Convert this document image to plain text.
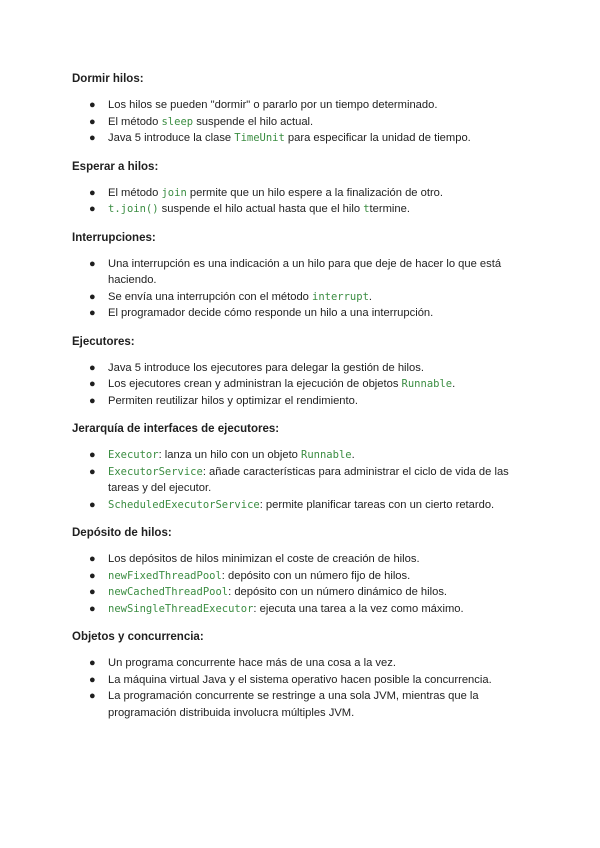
Dormir hilos:
● Los hilos se pueden "dormir" o pararlo por un tiempo determinado.
● El método sleep suspende el hilo actual.
● Java 5 introduce la clase TimeUnit para especificar la unidad de tiempo.
Esperar a hilos:
● El método join permite que un hilo espere a la finalización de otro.
● t.join() suspende el hilo actual hasta que el hilo ttermine.
Interrupciones:
● Una interrupción es una indicación a un hilo para que deje de hacer lo que está haciendo.
● Se envía una interrupción con el método interrupt.
● El programador decide cómo responde un hilo a una interrupción.
Ejecutores:
● Java 5 introduce los ejecutores para delegar la gestión de hilos.
● Los ejecutores crean y administran la ejecución de objetos Runnable.
● Permiten reutilizar hilos y optimizar el rendimiento.
Jerarquía de interfaces de ejecutores:
● Executor: lanza un hilo con un objeto Runnable.
● ExecutorService: añade características para administrar el ciclo de vida de las tareas y del ejecutor.
● ScheduledExecutorService: permite planificar tareas con un cierto retardo.
Depósito de hilos:
● Los depósitos de hilos minimizan el coste de creación de hilos.
● newFixedThreadPool: depósito con un número fijo de hilos.
● newCachedThreadPool: depósito con un número dinámico de hilos.
● newSingleThreadExecutor: ejecuta una tarea a la vez como máximo.
Objetos y concurrencia:
● Un programa concurrente hace más de una cosa a la vez.
● La máquina virtual Java y el sistema operativo hacen posible la concurrencia.
● La programación concurrente se restringe a una sola JVM, mientras que la programación distribuida involucra múltiples JVM.
